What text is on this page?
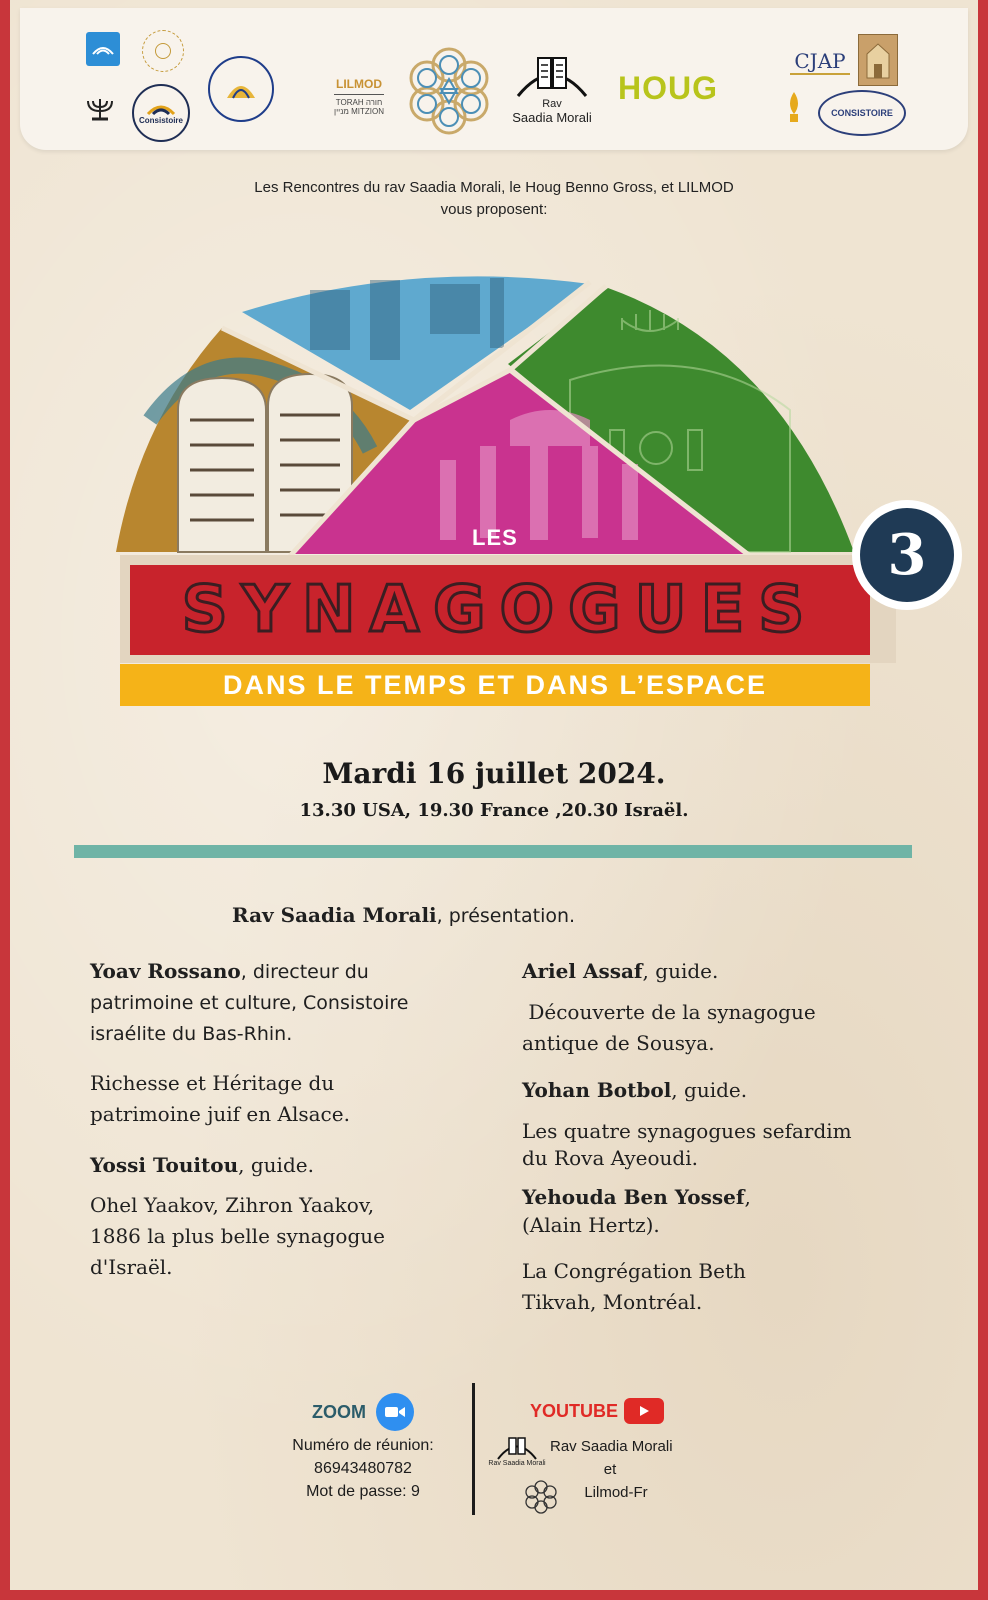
Consistoire
LILMOD
TORAH חורה
מניין MITZION
Rav
Saadia Morali
HOUG
CJAP
CONSISTOIRE
Les Rencontres du rav Saadia Morali, le Houg Benno Gross, et LILMOD
vous proposent:
LES
SYNAGOGUES
DANS LE TEMPS ET DANS L’ESPACE
3
Mardi 16 juillet 2024.
13.30 USA, 19.30 France ,20.30 Israël.
Rav Saadia Morali, présentation.
Yoav Rossano, directeur du
patrimoine et culture, Consistoire
israélite du Bas-Rhin.
Richesse et Héritage du
patrimoine juif en Alsace.
Yossi Touitou, guide.
Ohel Yaakov, Zihron Yaakov,
1886 la plus belle synagogue
d'Israël.
Ariel Assaf, guide.
Découverte de la synagogue
antique de Sousya.
Yohan Botbol, guide.
Les quatre synagogues sefardim
du Rova Ayeoudi.
Yehouda Ben Yossef,
(Alain Hertz).
La Congrégation Beth
Tikvah, Montréal.
ZOOM
Numéro de réunion:
86943480782
Mot de passe: 9
YOUTUBE
Rav Saadia Morali
Rav Saadia Morali
et
Lilmod-Fr
